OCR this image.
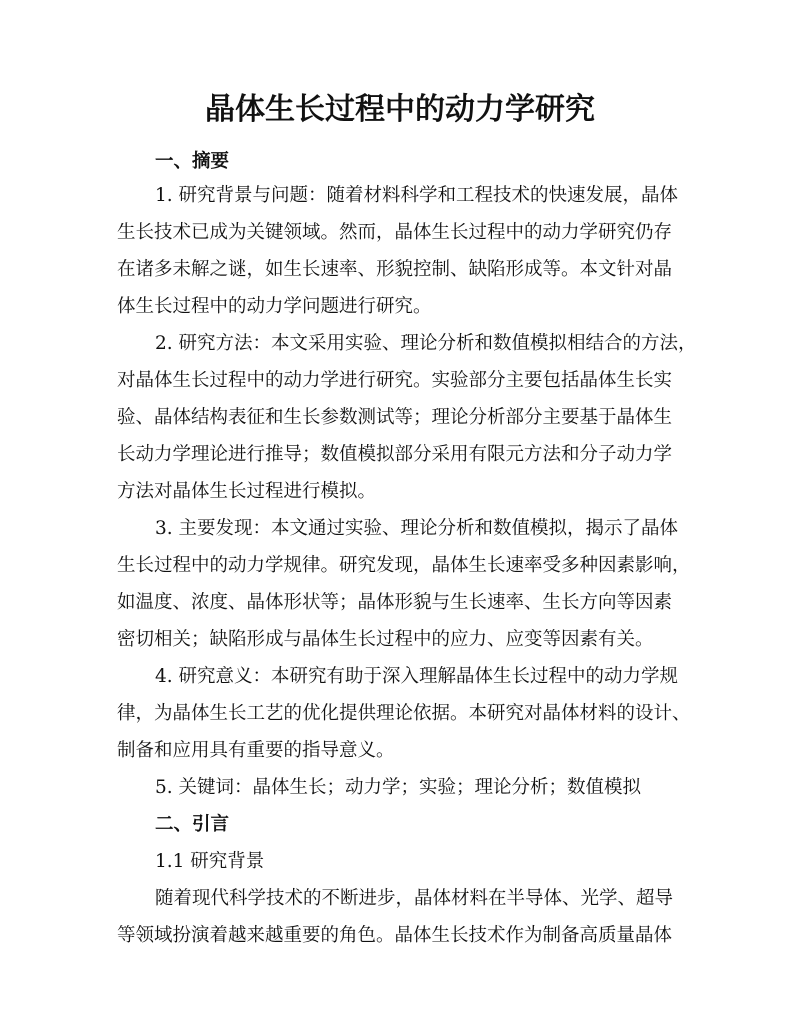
晶体生长过程中的动力学研究
一、摘要
1. 研究背景与问题：随着材料科学和工程技术的快速发展，晶体
生长技术已成为关键领域。然而，晶体生长过程中的动力学研究仍存
在诸多未解之谜，如生长速率、形貌控制、缺陷形成等。本文针对晶
体生长过程中的动力学问题进行研究。
2. 研究方法：本文采用实验、理论分析和数值模拟相结合的方法，
对晶体生长过程中的动力学进行研究。实验部分主要包括晶体生长实
验、晶体结构表征和生长参数测试等；理论分析部分主要基于晶体生
长动力学理论进行推导；数值模拟部分采用有限元方法和分子动力学
方法对晶体生长过程进行模拟。
3. 主要发现：本文通过实验、理论分析和数值模拟，揭示了晶体
生长过程中的动力学规律。研究发现，晶体生长速率受多种因素影响，
如温度、浓度、晶体形状等；晶体形貌与生长速率、生长方向等因素
密切相关；缺陷形成与晶体生长过程中的应力、应变等因素有关。
4. 研究意义：本研究有助于深入理解晶体生长过程中的动力学规
律，为晶体生长工艺的优化提供理论依据。本研究对晶体材料的设计、
制备和应用具有重要的指导意义。
5. 关键词：晶体生长；动力学；实验；理论分析；数值模拟
二、引言
1.1 研究背景
随着现代科学技术的不断进步，晶体材料在半导体、光学、超导
等领域扮演着越来越重要的角色。晶体生长技术作为制备高质量晶体
